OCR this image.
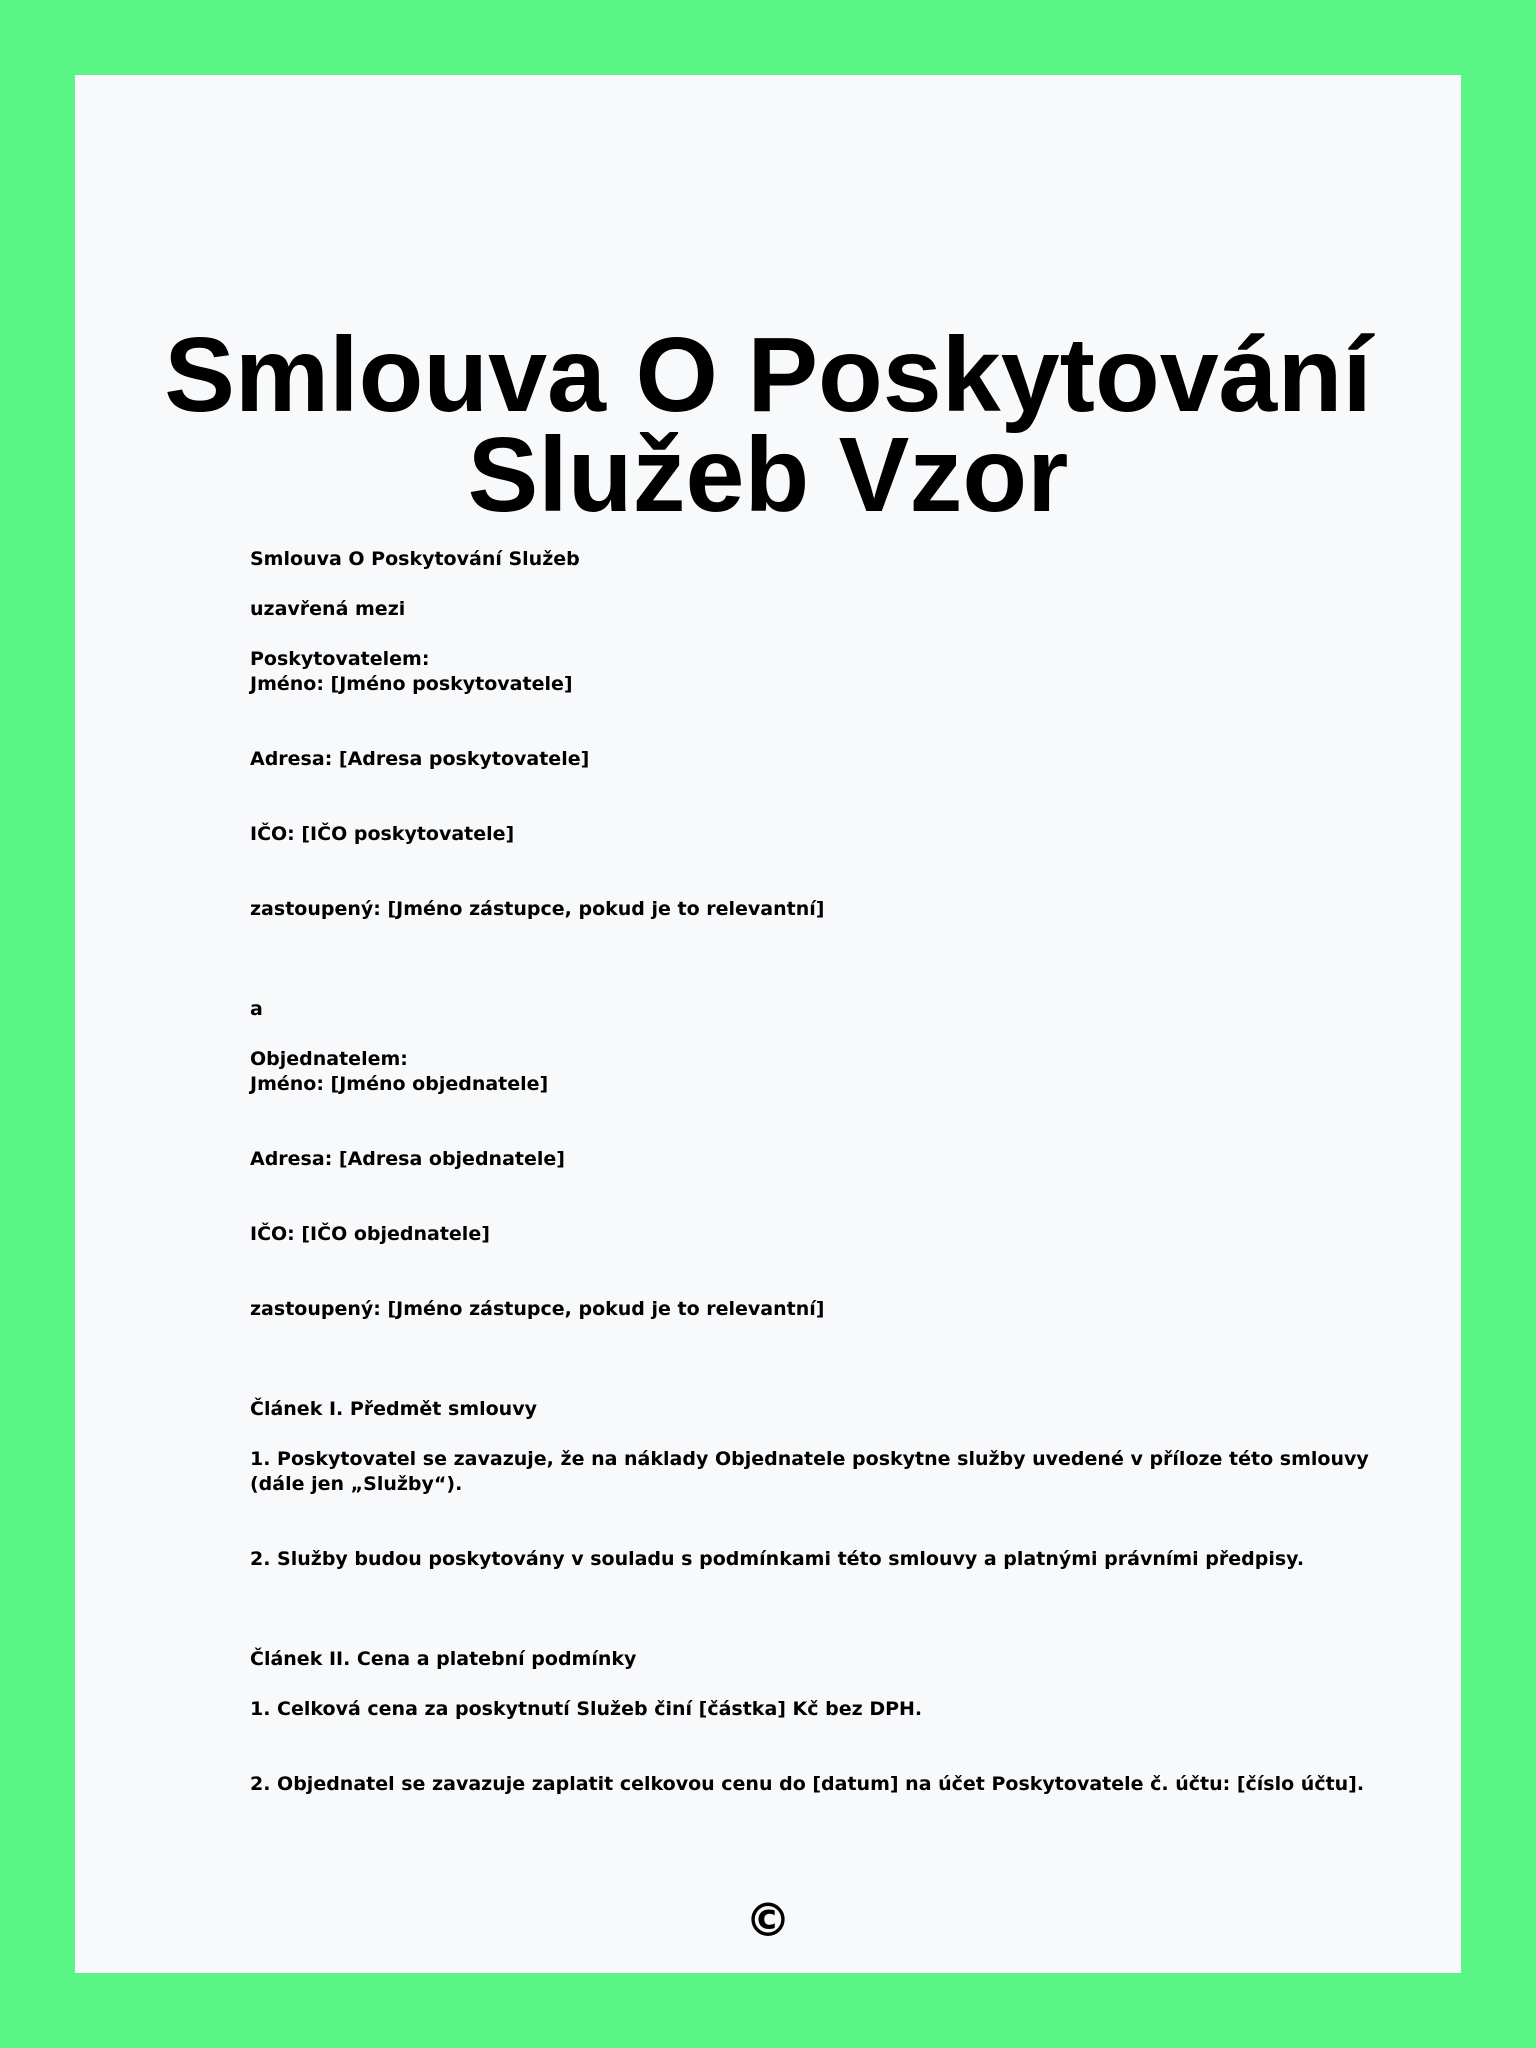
Smlouva O Poskytování
Služeb Vzor
Smlouva O Poskytování Služeb
uzavřená mezi
Poskytovatelem:
Jméno: [Jméno poskytovatele]
Adresa: [Adresa poskytovatele]
IČO: [IČO poskytovatele]
zastoupený: [Jméno zástupce, pokud je to relevantní]
a
Objednatelem:
Jméno: [Jméno objednatele]
Adresa: [Adresa objednatele]
IČO: [IČO objednatele]
zastoupený: [Jméno zástupce, pokud je to relevantní]
Článek I. Předmět smlouvy
1. Poskytovatel se zavazuje, že na náklady Objednatele poskytne služby uvedené v příloze této smlouvy
(dále jen „Služby“).
2. Služby budou poskytovány v souladu s podmínkami této smlouvy a platnými právními předpisy.
Článek II. Cena a platební podmínky
1. Celková cena za poskytnutí Služeb činí [částka] Kč bez DPH.
2. Objednatel se zavazuje zaplatit celkovou cenu do [datum] na účet Poskytovatele č. účtu: [číslo účtu].
©
